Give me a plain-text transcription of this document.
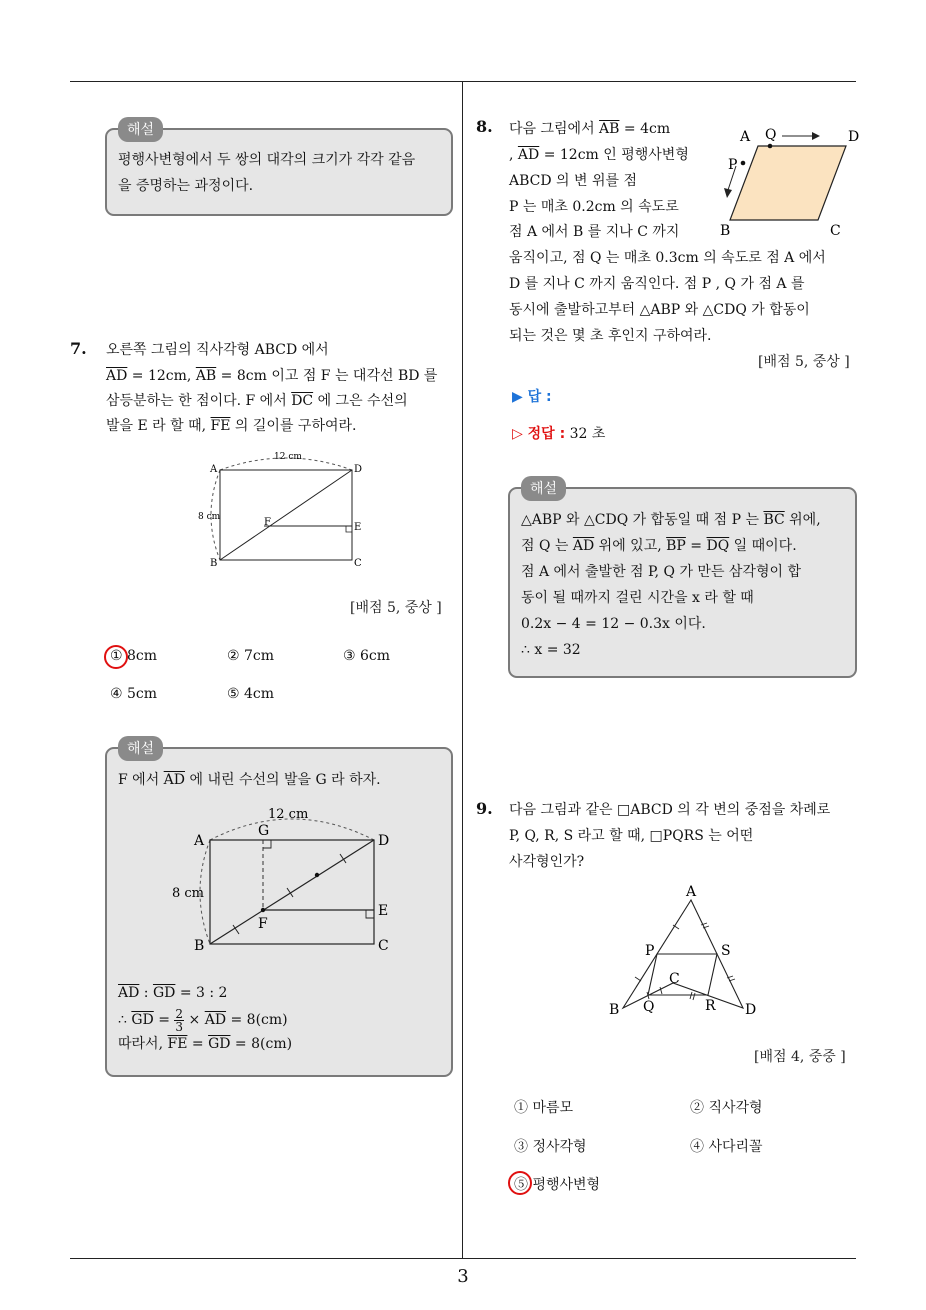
3
해설
평행사변형에서 두 쌍의 대각의 크기가 각각 같음
을 증명하는 과정이다.
7. 오른쪽 그림의 직사각형 ABCD 에서
$\overline{AD} = 12cm$, $\overline{AB} = 8cm$ 이고 점 F 는 대각선 BD 를
삼등분하는 한 점이다. F 에서 $\overline{DC}$ 에 그은 수선의
발을 E 라 할 때, $\overline{FE}$ 의 길이를 구하여라.
12 cm
8 cm
A	D
B	C
E
F
[배점 5, 중상 ]
① 8cm	② 7cm	③ 6cm
④ 5cm	⑤ 4cm
해설
F 에서 $\overline{AD}$ 에 내린 수선의 발을 G 라 하자.
12 cm
G
A	D
8 cm
E
F
B	C
$\overline{AD}$ : $\overline{GD} = 3$ : 2
∴ $\overline{GD} = \frac{2}{3} \times \overline{AD} = 8(cm)$
따라서, $\overline{FE} = \overline{GD} = 8(cm)$
8. 다음 그림에서 $\overline{AB} = 4cm$
, $\overline{AD} = 12cm$ 인 평행사변형
ABCD 의 변 위를 점
P 는 매초 0.2cm 의 속도로
점 A 에서 B 를 지나 C 까지
움직이고, 점 Q 는 매초 0.3cm 의 속도로 점 A 에서
D 를 지나 C 까지 움직인다. 점 P , Q 가 점 A 를
동시에 출발하고부터 △ABP 와 △CDQ 가 합동이
되는 것은 몇 초 후인지 구하여라.
A Q	D
P
B	C
[배점 5, 중상 ]
▶ 답 :
▷ 정답 : 32 초
해설
△ABP 와 △CDQ 가 합동일 때 점 P 는 $\overline{BC}$ 위에,
점 Q 는 $\overline{AD}$ 위에 있고, $\overline{BP} = \overline{DQ}$ 일 때이다.
점 A 에서 출발한 점 P, Q 가 만든 삼각형이 합
동이 될 때까지 걸린 시간을 x 라 할 때
0.2x − 4 = 12 − 0.3x 이다.
∴ x = 32
9. 다음 그림과 같은 □ABCD 의 각 변의 중점을 차례로
P, Q, R, S 라고 할 때, □PQRS 는 어떤
사각형인가?
A
P	S
C
B Q	R D
[배점 4, 중중 ]
① 마름모	② 직사각형
③ 정사각형	④ 사다리꼴
⑤ 평행사변형
